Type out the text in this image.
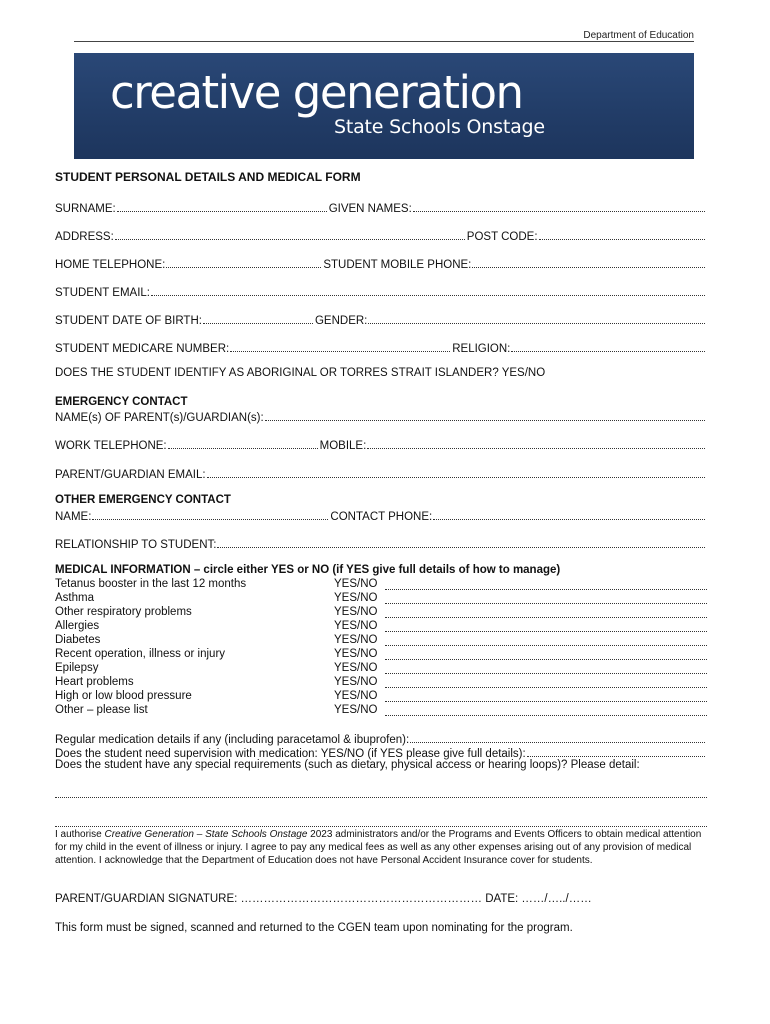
Department of Education
creative generation
State Schools Onstage
STUDENT PERSONAL DETAILS AND MEDICAL FORM
SURNAME:	GIVEN NAMES:
ADDRESS:	POST CODE:
HOME TELEPHONE:	STUDENT MOBILE PHONE:
STUDENT EMAIL:
STUDENT DATE OF BIRTH:	GENDER:
STUDENT MEDICARE NUMBER:	RELIGION:
DOES THE STUDENT IDENTIFY AS ABORIGINAL OR TORRES STRAIT ISLANDER? YES/NO
EMERGENCY CONTACT
NAME(s) OF PARENT(s)/GUARDIAN(s):
WORK TELEPHONE:	MOBILE:
PARENT/GUARDIAN EMAIL:
OTHER EMERGENCY CONTACT
NAME:	CONTACT PHONE:
RELATIONSHIP TO STUDENT:
MEDICAL INFORMATION – circle either YES or NO (if YES give full details of how to manage)
Tetanus booster in the last 12 months	YES/NO
Asthma	YES/NO
Other respiratory problems	YES/NO
Allergies	YES/NO
Diabetes	YES/NO
Recent operation, illness or injury	YES/NO
Epilepsy	YES/NO
Heart problems	YES/NO
High or low blood pressure	YES/NO
Other – please list	YES/NO
Regular medication details if any (including paracetamol & ibuprofen):
Does the student need supervision with medication: YES/NO (if YES please give full details):
Does the student have any special requirements (such as dietary, physical access or hearing loops)? Please detail:
I authorise Creative Generation – State Schools Onstage 2023 administrators and/or the Programs and Events Officers to obtain medical attention for my child in the event of illness or injury. I agree to pay any medical fees as well as any other expenses arising out of any provision of medical attention. I acknowledge that the Department of Education does not have Personal Accident Insurance cover for students.
PARENT/GUARDIAN SIGNATURE: ……………………………………………………… DATE: ……/…../……
This form must be signed, scanned and returned to the CGEN team upon nominating for the program.
